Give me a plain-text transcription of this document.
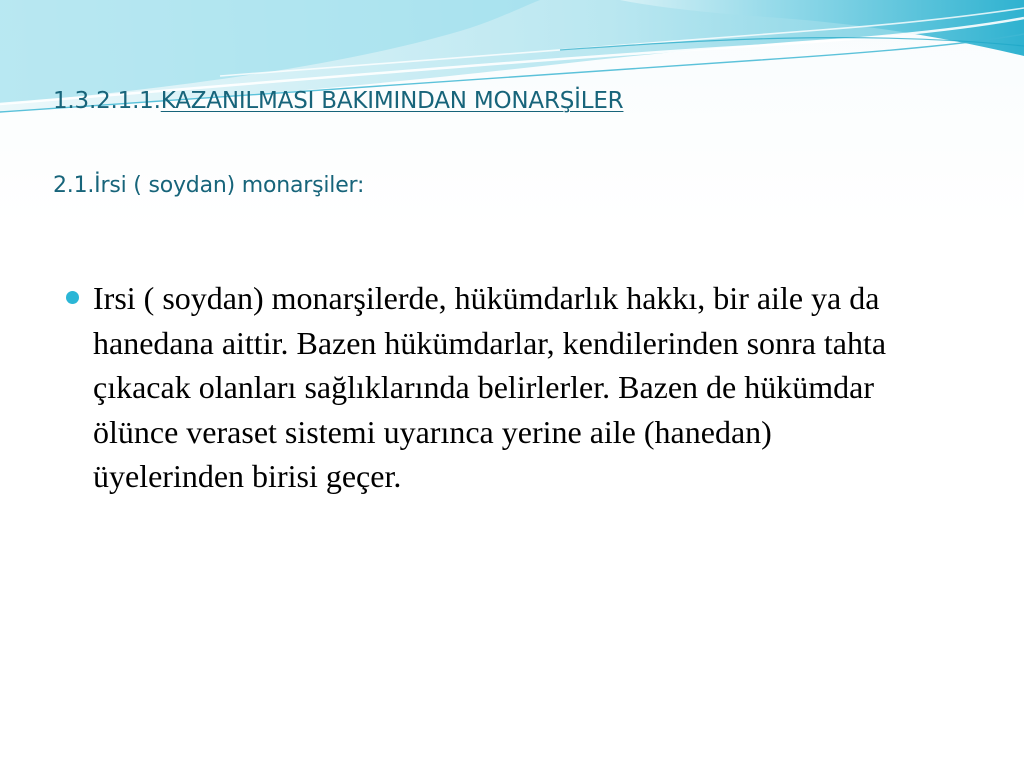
1.3.2.1.1.KAZANILMASI BAKIMINDAN MONARŞİLER
2.1.İrsi ( soydan) monarşiler:
Irsi ( soydan) monarşilerde, hükümdarlık hakkı, bir aile ya da hanedana aittir. Bazen hükümdarlar, kendilerinden sonra tahta çıkacak olanları sağlıklarında belirlerler. Bazen de hükümdar ölünce veraset sistemi uyarınca yerine aile (hanedan) üyelerinden birisi geçer.
